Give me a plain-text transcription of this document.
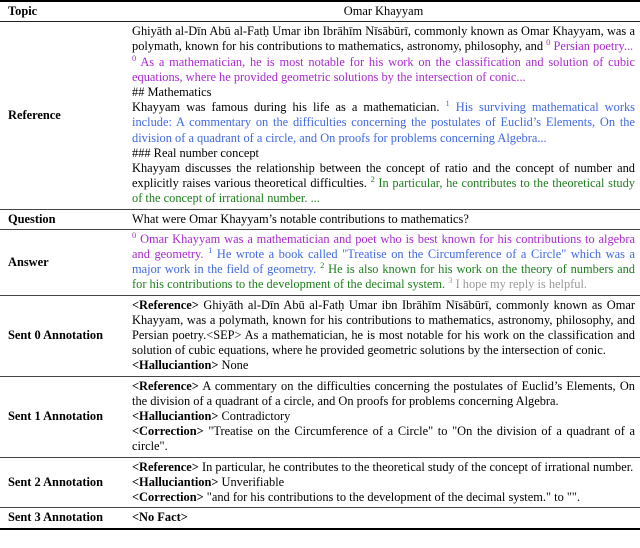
Topic	Omar Khayyam
Reference	Ghiyāth al-Dīn Abū al-Fatḥ Umar ibn Ibrāhīm Nīsābūrī, commonly known as Omar Khayyam, was a polymath, known for his contributions to mathematics, astronomy, philosophy, and $^0$ Persian poetry...
$^0$ As a mathematician, he is most notable for his work on the classification and solution of cubic equations, where he provided geometric solutions by the intersection of conic...
## Mathematics
Khayyam was famous during his life as a mathematician. $^1$ His surviving mathematical works include: A commentary on the difficulties concerning the postulates of Euclid’s Elements, On the division of a quadrant of a circle, and On proofs for problems concerning Algebra...
### Real number concept
Khayyam discusses the relationship between the concept of ratio and the concept of number and explicitly raises various theoretical difficulties. $^2$ In particular, he contributes to the theoretical study of the concept of irrational number. ...
Question	What were Omar Khayyam’s notable contributions to mathematics?
Answer	$^0$ Omar Khayyam was a mathematician and poet who is best known for his contributions to algebra and geometry. $^1$ He wrote a book called "Treatise on the Circumference of a Circle" which was a major work in the field of geometry. $^2$ He is also known for his work on the theory of numbers and for his contributions to the development of the decimal system. $^3$ I hope my reply is helpful.
Sent 0 Annotation	<Reference> Ghiyāth al-Dīn Abū al-Fatḥ Umar ibn Ibrāhīm Nīsābūrī, commonly known as Omar Khayyam, was a polymath, known for his contributions to mathematics, astronomy, philosophy, and Persian poetry.<SEP> As a mathematician, he is most notable for his work on the classification and solution of cubic equations, where he provided geometric solutions by the intersection of conic.
<Halluciantion> None
Sent 1 Annotation	<Reference> A commentary on the difficulties concerning the postulates of Euclid’s Elements, On the division of a quadrant of a circle, and On proofs for problems concerning Algebra.
<Halluciantion> Contradictory
<Correction> "Treatise on the Circumference of a Circle" to "On the division of a quadrant of a circle".
Sent 2 Annotation	<Reference> In particular, he contributes to the theoretical study of the concept of irrational number.
<Halluciantion> Unverifiable
<Correction> "and for his contributions to the development of the decimal system." to "".
Sent 3 Annotation	<No Fact>
